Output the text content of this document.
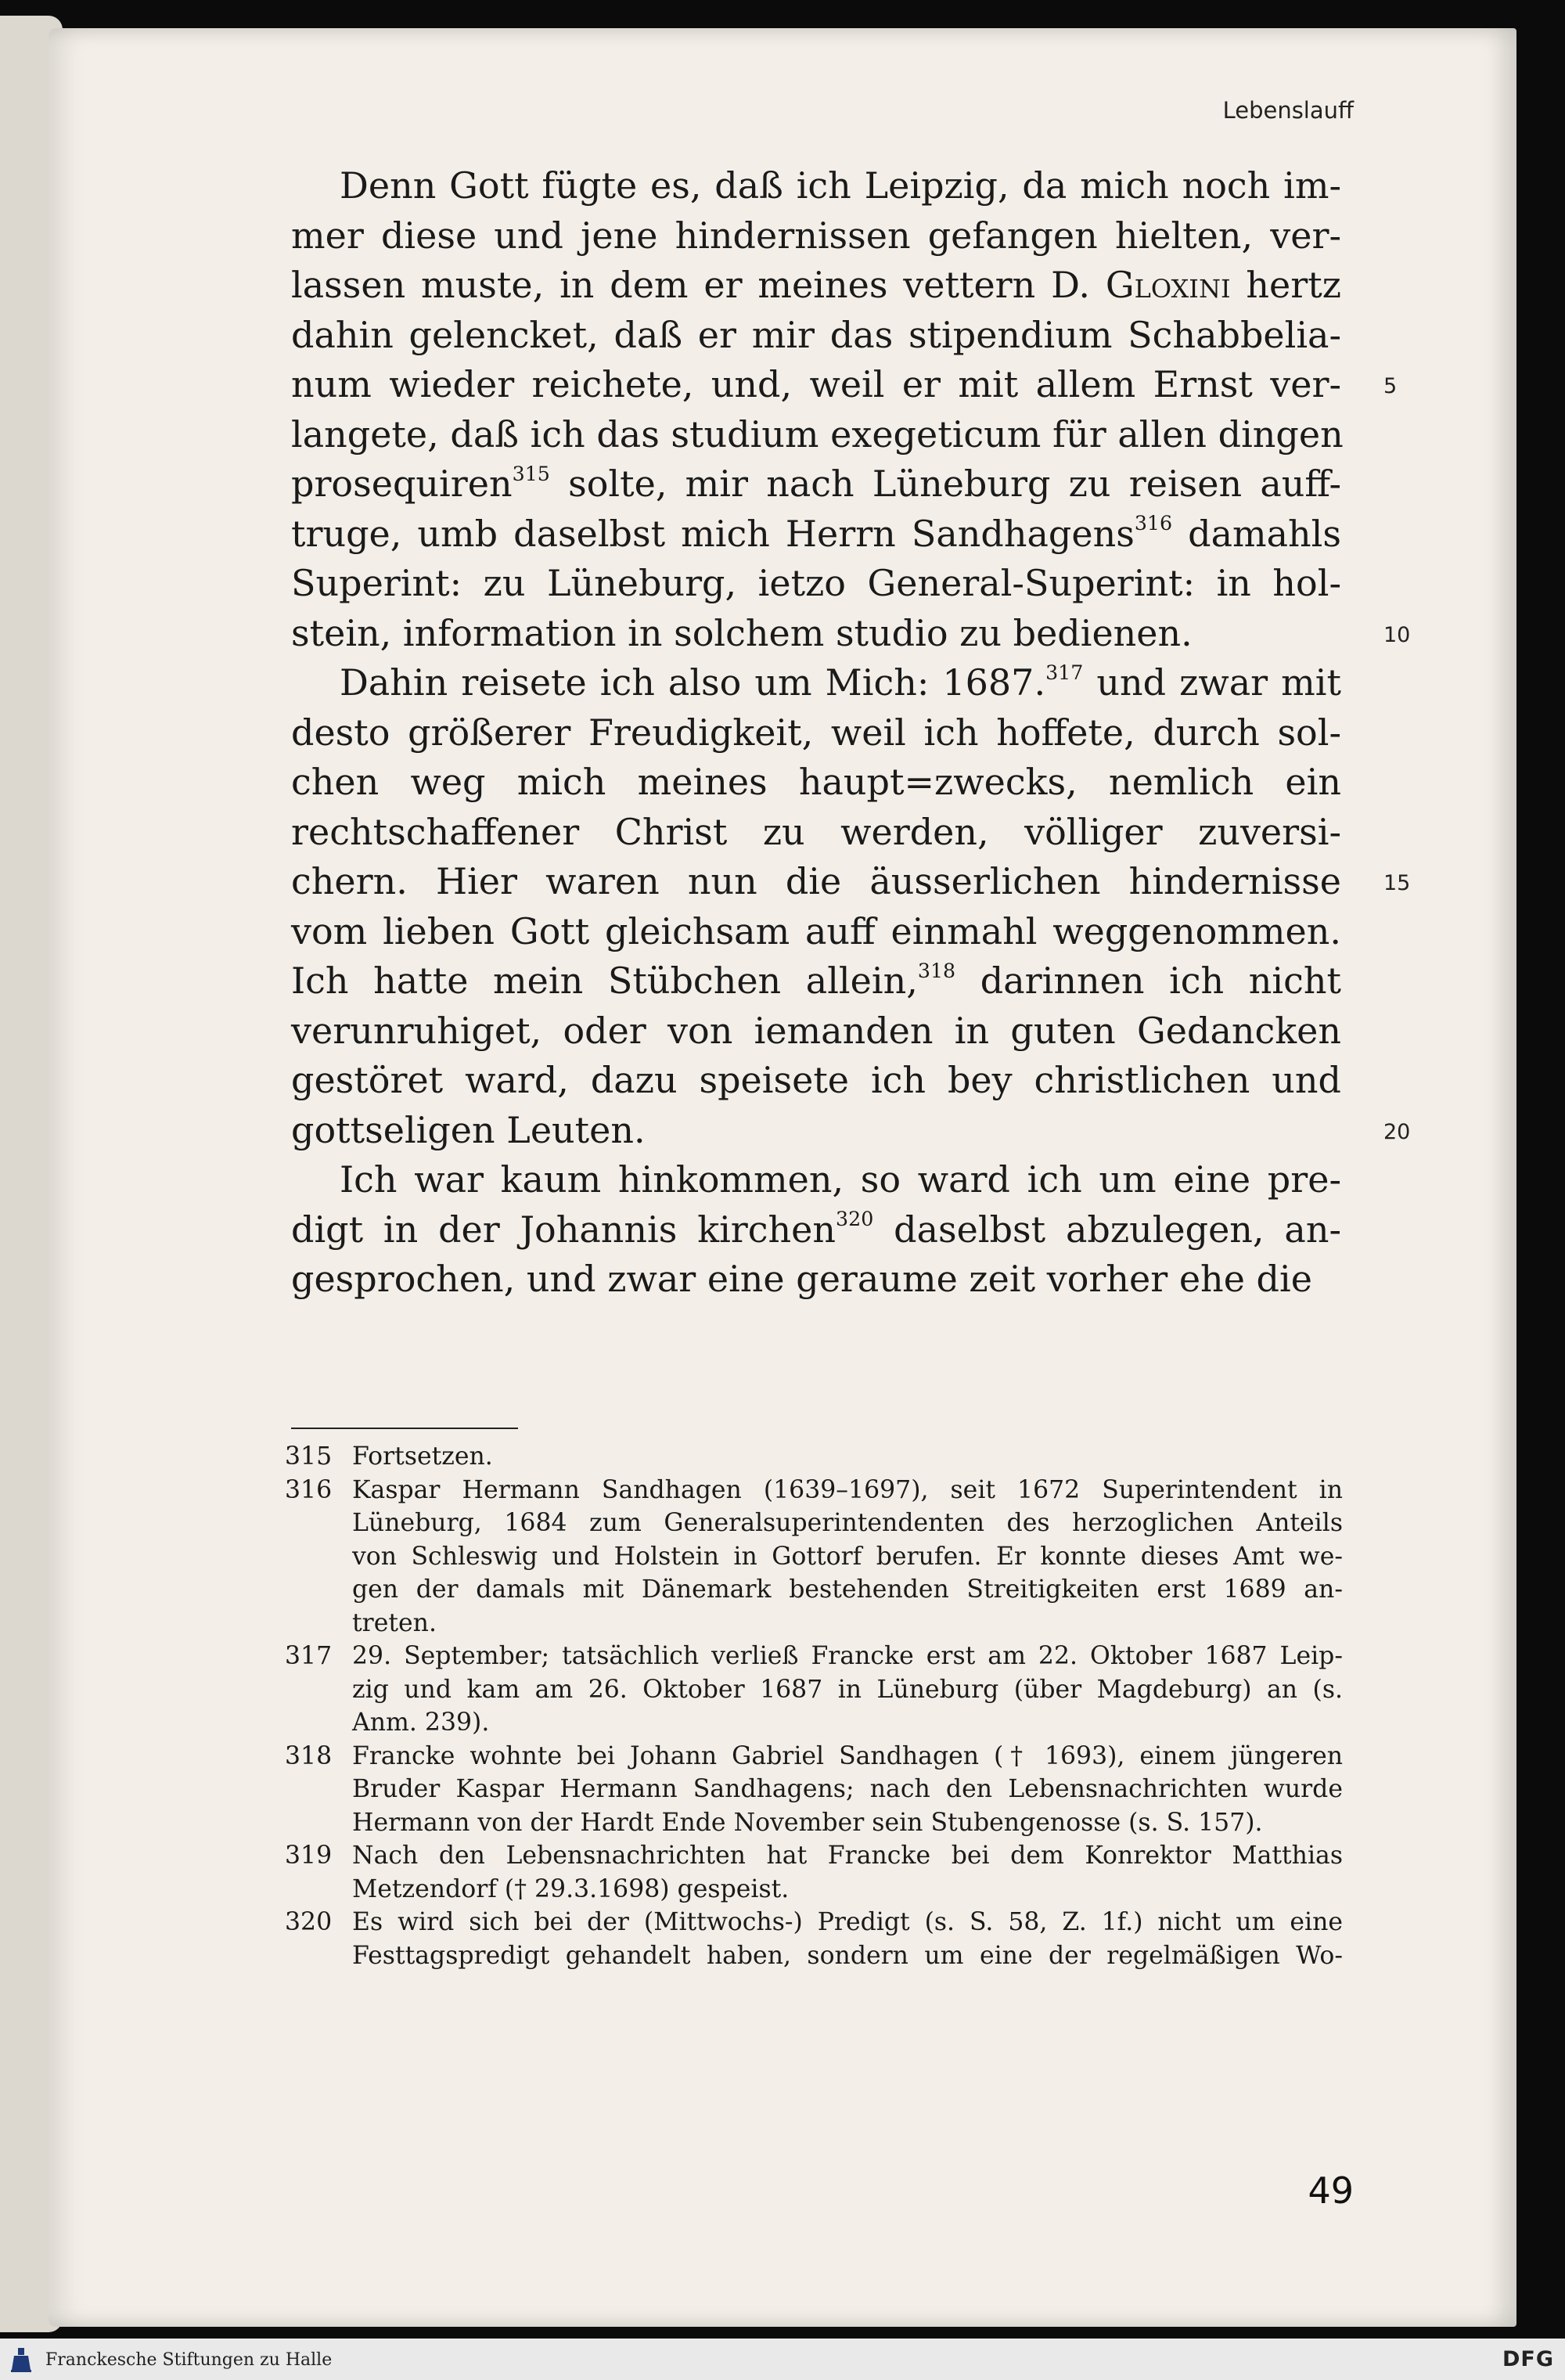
Lebenslauff
Denn Gott fügte es, daß ich Leipzig, da mich noch im-
mer diese und jene hindernissen gefangen hielten, ver-
lassen muste, in dem er meines vettern D. Gloxini hertz
dahin gelencket, daß er mir das stipendium Schabbelia-
num wieder reichete, und, weil er mit allem Ernst ver-
langete, daß ich das studium exegeticum für allen dingen
prosequiren$^{315}$ solte, mir nach Lüneburg zu reisen auff-
truge, umb daselbst mich Herrn Sandhagens$^{316}$ damahls
Superint: zu Lüneburg, ietzo General-Superint: in hol-
stein, information in solchem studio zu bedienen.
Dahin reisete ich also um Mich: 1687.$^{317}$ und zwar mit
desto größerer Freudigkeit, weil ich hoffete, durch sol-
chen weg mich meines haupt=zwecks, nemlich ein
rechtschaffener Christ zu werden, völliger zuversi-
chern. Hier waren nun die äusserlichen hindernisse
vom lieben Gott gleichsam auff einmahl weggenommen.
Ich hatte mein Stübchen allein,$^{318}$ darinnen ich nicht
verunruhiget, oder von iemanden in guten Gedancken
gestöret ward, dazu speisete ich bey christlichen und
gottseligen Leuten.
Ich war kaum hinkommen, so ward ich um eine pre-
digt in der Johannis kirchen$^{320}$ daselbst abzulegen, an-
gesprochen, und zwar eine geraume zeit vorher ehe die
5
10
15
20
315 Fortsetzen.
316 Kaspar Hermann Sandhagen (1639–1697), seit 1672 Superintendent in
Lüneburg, 1684 zum Generalsuperintendenten des herzoglichen Anteils
von Schleswig und Holstein in Gottorf berufen. Er konnte dieses Amt we-
gen der damals mit Dänemark bestehenden Streitigkeiten erst 1689 an-
treten.
317 29. September; tatsächlich verließ Francke erst am 22. Oktober 1687 Leip-
zig und kam am 26. Oktober 1687 in Lüneburg (über Magdeburg) an (s.
Anm. 239).
318 Francke wohnte bei Johann Gabriel Sandhagen († 1693), einem jüngeren
Bruder Kaspar Hermann Sandhagens; nach den Lebensnachrichten wurde
Hermann von der Hardt Ende November sein Stubengenosse (s. S. 157).
319 Nach den Lebensnachrichten hat Francke bei dem Konrektor Matthias
Metzendorf († 29.3.1698) gespeist.
320 Es wird sich bei der (Mittwochs-) Predigt (s. S. 58, Z. 1f.) nicht um eine
Festtagspredigt gehandelt haben, sondern um eine der regelmäßigen Wo-
49
Franckesche Stiftungen zu Halle	DFG
